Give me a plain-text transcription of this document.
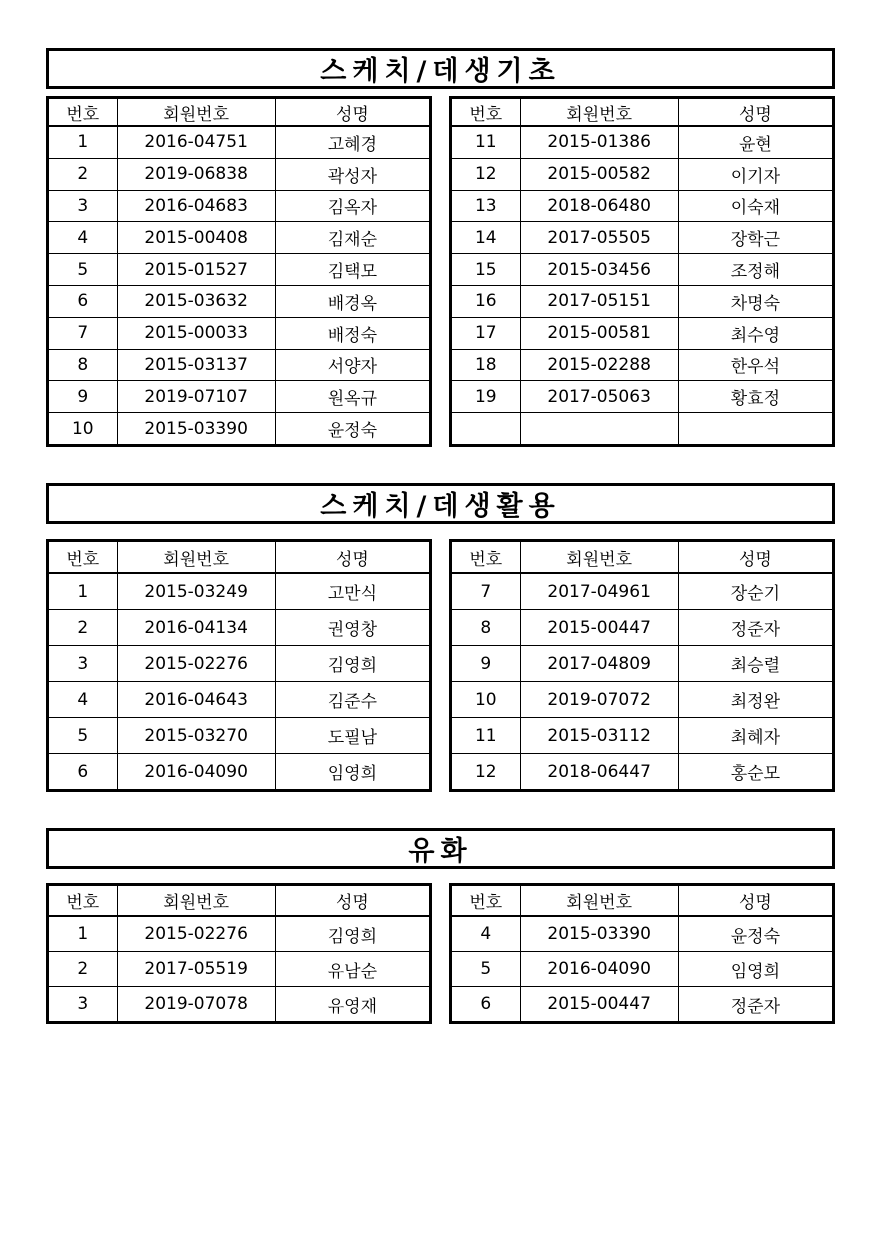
스케치/데생기초
번호	회원번호	성명
1	2016-04751	고혜경
2	2019-06838	곽성자
3	2016-04683	김옥자
4	2015-00408	김재순
5	2015-01527	김택모
6	2015-03632	배경옥
7	2015-00033	배정숙
8	2015-03137	서양자
9	2019-07107	원옥규
10	2015-03390	윤정숙
번호	회원번호	성명
11	2015-01386	윤현
12	2015-00582	이기자
13	2018-06480	이숙재
14	2017-05505	장학근
15	2015-03456	조정해
16	2017-05151	차명숙
17	2015-00581	최수영
18	2015-02288	한우석
19	2017-05063	황효정

스케치/데생활용
번호	회원번호	성명
1	2015-03249	고만식
2	2016-04134	권영창
3	2015-02276	김영희
4	2016-04643	김준수
5	2015-03270	도필남
6	2016-04090	임영희
번호	회원번호	성명
7	2017-04961	장순기
8	2015-00447	정준자
9	2017-04809	최승렬
10	2019-07072	최정완
11	2015-03112	최혜자
12	2018-06447	홍순모
유화
번호	회원번호	성명
1	2015-02276	김영희
2	2017-05519	유남순
3	2019-07078	유영재
번호	회원번호	성명
4	2015-03390	윤정숙
5	2016-04090	임영희
6	2015-00447	정준자
